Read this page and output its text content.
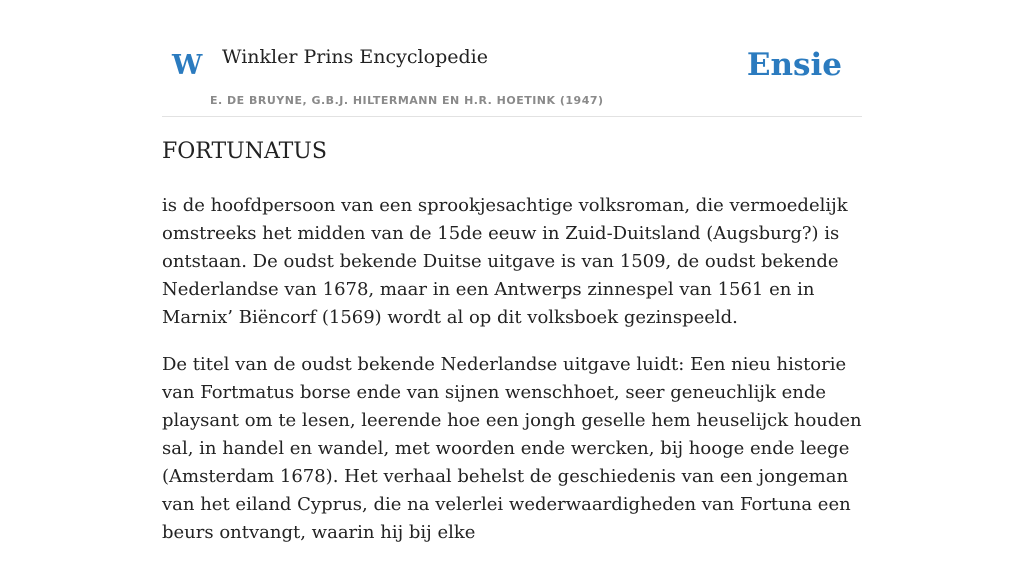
W Winkler Prins Encyclopedie
E. DE BRUYNE, G.B.J. HILTERMANN EN H.R. HOETINK (1947)
Ensie
FORTUNATUS

is de hoofdpersoon van een sprookjesachtige volksroman, die vermoedelijk omstreeks het midden van de 15de eeuw in Zuid-Duitsland (Augsburg?) is ontstaan. De oudst bekende Duitse uitgave is van 1509, de oudst bekende Nederlandse van 1678, maar in een Antwerps zinnespel van 1561 en in Marnix’ Biëncorf (1569) wordt al op dit volksboek gezinspeeld.

De titel van de oudst bekende Nederlandse uitgave luidt: Een nieu historie van Fortmatus borse ende van sijnen wenschhoet, seer geneuchlijk ende playsant om te lesen, leerende hoe een jongh geselle hem heuselijck houden sal, in handel en wandel, met woorden ende wercken, bij hooge ende leege (Amsterdam 1678). Het verhaal behelst de geschiedenis van een jongeman van het eiland Cyprus, die na velerlei wederwaardigheden van Fortuna een beurs ontvangt, waarin hij bij elke
